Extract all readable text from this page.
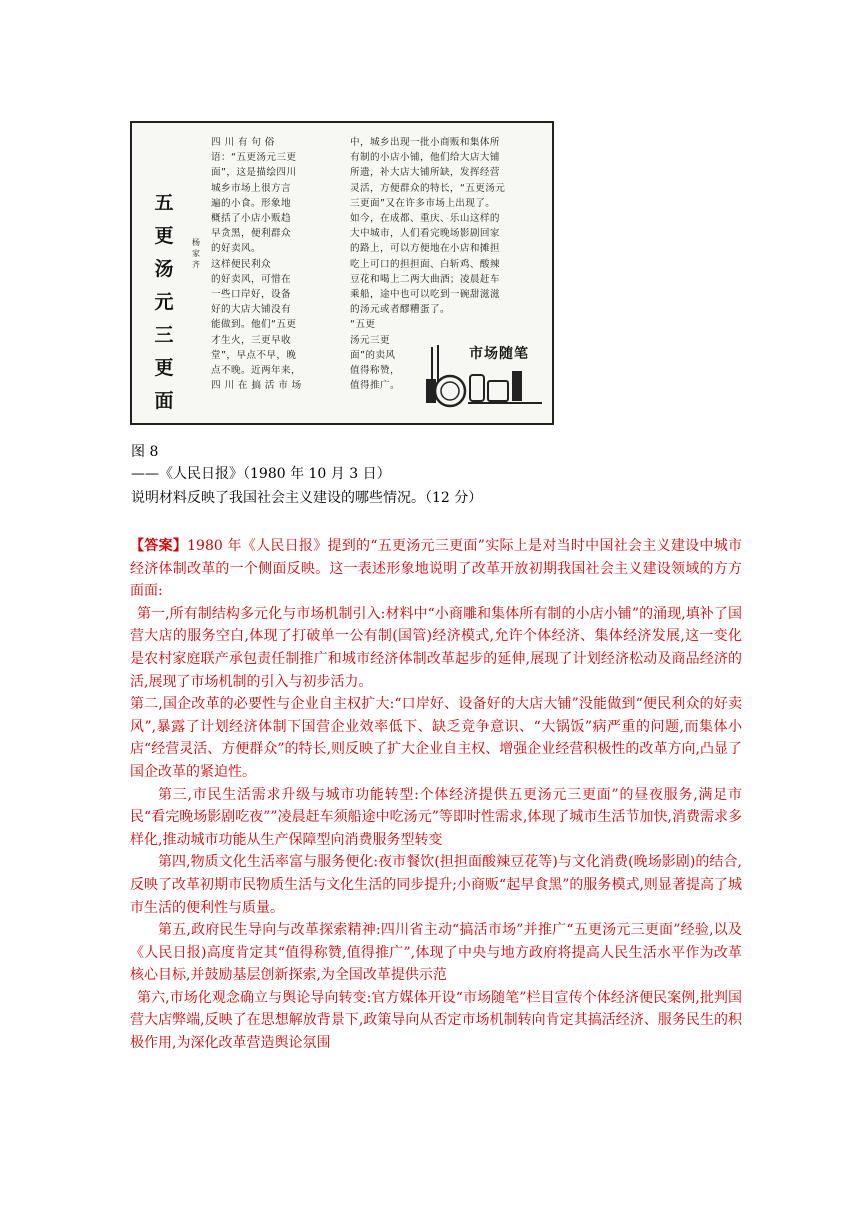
五
更
汤
元
三
更
面
杨
家
齐
四 川 有 句 俗
语：“五更汤元三更
面”，这是描绘四川
城乡市场上很方言
遍的小食。形象地
概括了小店小贩趋
早贪黑，便利群众
的好卖风。
这样便民利众
的好卖风，可惜在
一些口岸好，设备
好的大店大铺没有
能做到。他们“五更
才生火，三更早收
堂”，早点不早，晚
点不晚。近两年来，
四 川 在 搞 活 市 场
中，城乡出现一批小商贩和集体所
有制的小店小铺，他们给大店大铺
所遗，补大店大铺所缺，发挥经营
灵活，方便群众的特长，“五更汤元
三更面”又在许多市场上出现了。
如今，在成都、重庆、乐山这样的
大中城市，人们看完晚场影剧回家
的路上，可以方便地在小店和摊担
吃上可口的担担面、白斩鸡、酸辣
豆花和喝上二两大曲酒；凌晨赶车
乘船，途中也可以吃到一碗甜滋滋
的汤元或者醪糟蛋了。
“五更
汤元三更
面”的卖风
值得称赞，
值得推广。
市场随笔
图 8
——《人民日报》（1980 年 10 月 3 日）
说明材料反映了我国社会主义建设的哪些情况。（12 分）

【答案】1980 年《人民日报》提到的“五更汤元三更面”实际上是对当时中国社会主义建设中城市经济体制改革的一个侧面反映。这一表述形象地说明了改革开放初期我国社会主义建设领域的方方面面:

第一,所有制结构多元化与市场机制引入:材料中“小商雕和集体所有制的小店小铺”的涌现,填补了国营大店的服务空白,体现了打破单一公有制(国管)经济模式,允许个体经济、集体经济发展,这一变化是农村家庭联产承包责任制推广和城市经济体制改革起步的延伸,展现了计划经济松动及商品经济的活,展现了市场机制的引入与初步活力。

第二,国企改革的必要性与企业自主权扩大:“口岸好、设备好的大店大铺”没能做到“便民利众的好卖风”,暴露了计划经济体制下国营企业效率低下、缺乏竞争意识、“大锅饭”病严重的问题,而集体小店“经营灵活、方便群众”的特长,则反映了扩大企业自主权、增强企业经营积极性的改革方向,凸显了国企改革的紧迫性。

第三,市民生活需求升级与城市功能转型:个体经济提供五更汤元三更面”的昼夜服务,满足市民“看完晚场影剧吃夜””凌晨赶车须船途中吃汤元”等即时性需求,体现了城市生活节加快,消费需求多样化,推动城市功能从生产保障型向消费服务型转变

第四,物质文化生活率富与服务便化:夜市餐饮(担担面酸辣豆花等)与文化消费(晚场影剧)的结合,反映了改革初期市民物质生活与文化生活的同步提升;小商贩“起早食黑”的服务模式,则显著提高了城市生活的便利性与质量。

第五,政府民生导向与改革探索精神:四川省主动“搞活市场”并推广“五更汤元三更面”经验,以及《人民日报)高度肯定其“值得称赞,值得推广”,体现了中央与地方政府将提高人民生活水平作为改革核心目标,并鼓励基层创新探索,为全国改革提供示范

第六,市场化观念确立与舆论导向转变:官方媒体开设“市场随笔”栏目宣传个体经济便民案例,批判国营大店弊端,反映了在思想解放背景下,政策导向从否定市场机制转向肯定其搞活经济、服务民生的积极作用,为深化改革营造舆论氛围
